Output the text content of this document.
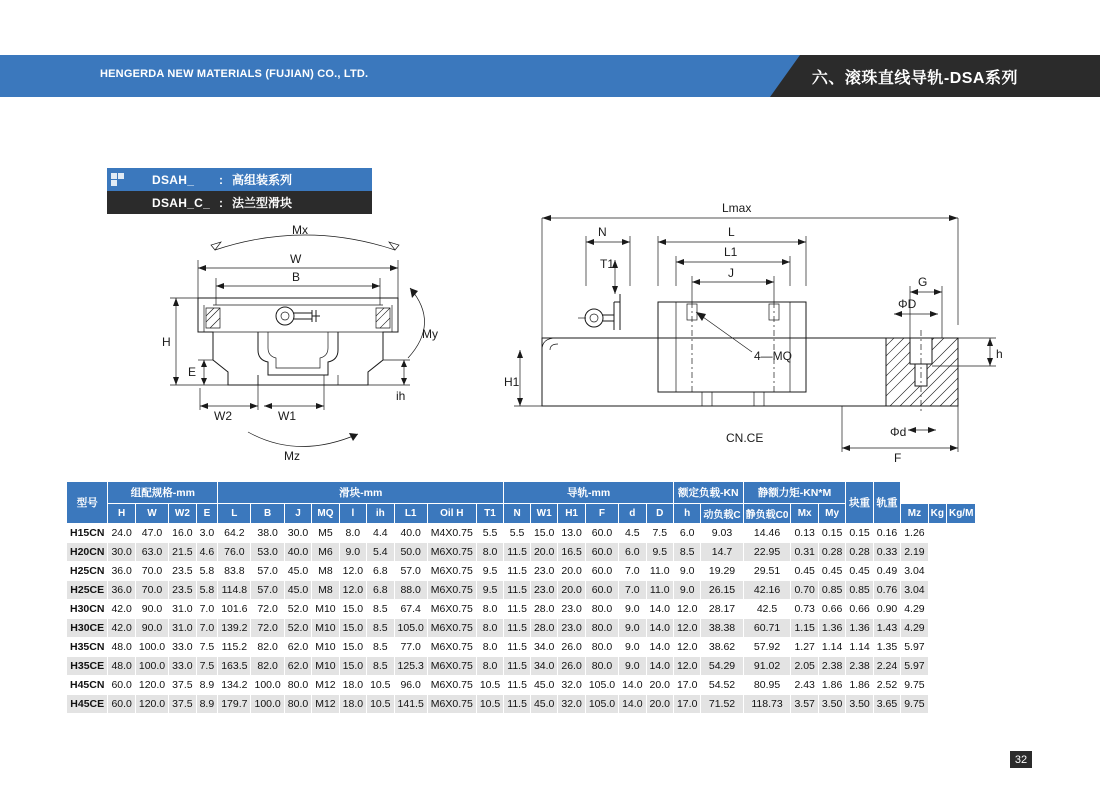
HENGERDA NEW MATERIALS (FUJIAN) CO., LTD.	六、滚珠直线导轨-DSA系列
DSAH_ : 高组装系列
DSAH_C_ : 法兰型滑块
Mx
W
B
H
E
W2	W1
My
Mz
ih
Lmax
N	L
L1
J
T1
4—MQ
H1
G
ΦD
h
Φd
F
CN.CE
型号	组配规格-mm				滑块-mm									导轨-mm						额定负载-KN		静额力矩-KN*M			块重	轨重			
	H	W	W2	E	L	B	J	MQ	l	ih	L1	Oil H	T1	N	W1	H1	F	d	D	h	动负载C	静负载C0	Mx	My			Mz	Kg	Kg/M
H15CN	24.0	47.0	16.0	3.0	64.2	38.0	30.0	M5	8.0	4.4	40.0	M4X0.75	5.5	5.5	15.0	13.0	60.0	4.5	7.5	6.0	9.03	14.46	0.13	0.15	0.15	0.16	1.26		
H20CN	30.0	63.0	21.5	4.6	76.0	53.0	40.0	M6	9.0	5.4	50.0	M6X0.75	8.0	11.5	20.0	16.5	60.0	6.0	9.5	8.5	14.7	22.95	0.31	0.28	0.28	0.33	2.19		
H25CN	36.0	70.0	23.5	5.8	83.8	57.0	45.0	M8	12.0	6.8	57.0	M6X0.75	9.5	11.5	23.0	20.0	60.0	7.0	11.0	9.0	19.29	29.51	0.45	0.45	0.45	0.49	3.04		
H25CE	36.0	70.0	23.5	5.8	114.8	57.0	45.0	M8	12.0	6.8	88.0	M6X0.75	9.5	11.5	23.0	20.0	60.0	7.0	11.0	9.0	26.15	42.16	0.70	0.85	0.85	0.76	3.04		
H30CN	42.0	90.0	31.0	7.0	101.6	72.0	52.0	M10	15.0	8.5	67.4	M6X0.75	8.0	11.5	28.0	23.0	80.0	9.0	14.0	12.0	28.17	42.5	0.73	0.66	0.66	0.90	4.29		
H30CE	42.0	90.0	31.0	7.0	139.2	72.0	52.0	M10	15.0	8.5	105.0	M6X0.75	8.0	11.5	28.0	23.0	80.0	9.0	14.0	12.0	38.38	60.71	1.15	1.36	1.36	1.43	4.29		
H35CN	48.0	100.0	33.0	7.5	115.2	82.0	62.0	M10	15.0	8.5	77.0	M6X0.75	8.0	11.5	34.0	26.0	80.0	9.0	14.0	12.0	38.62	57.92	1.27	1.14	1.14	1.35	5.97		
H35CE	48.0	100.0	33.0	7.5	163.5	82.0	62.0	M10	15.0	8.5	125.3	M6X0.75	8.0	11.5	34.0	26.0	80.0	9.0	14.0	12.0	54.29	91.02	2.05	2.38	2.38	2.24	5.97		
H45CN	60.0	120.0	37.5	8.9	134.2	100.0	80.0	M12	18.0	10.5	96.0	M6X0.75	10.5	11.5	45.0	32.0	105.0	14.0	20.0	17.0	54.52	80.95	2.43	1.86	1.86	2.52	9.75		
H45CE	60.0	120.0	37.5	8.9	179.7	100.0	80.0	M12	18.0	10.5	141.5	M6X0.75	10.5	11.5	45.0	32.0	105.0	14.0	20.0	17.0	71.52	118.73	3.57	3.50	3.50	3.65	9.75		
32
